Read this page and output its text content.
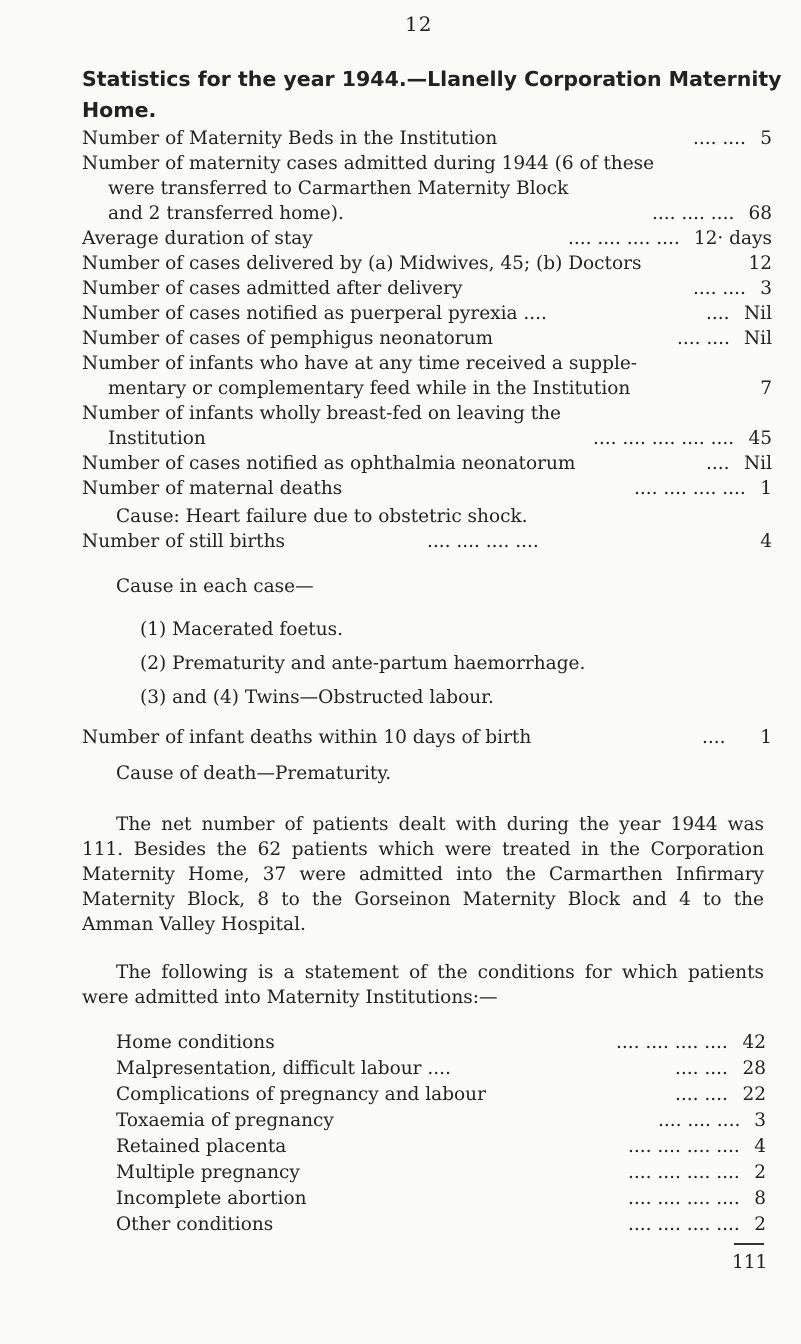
12
Statistics for the year 1944.—Llanelly Corporation Maternity
Home.
Number of Maternity Beds in the Institution	.... .... 5
Number of maternity cases admitted during 1944 (6 of these
were transferred to Carmarthen Maternity Block
and 2 transferred home).	.... .... .... 68
Average duration of stay	.... .... .... .... 12· days
Number of cases delivered by (a) Midwives, 45; (b) Doctors	12
Number of cases admitted after delivery	.... .... 3
Number of cases notified as puerperal pyrexia ....	.... Nil
Number of cases of pemphigus neonatorum	.... .... Nil
Number of infants who have at any time received a supple-
mentary or complementary feed while in the Institution	7
Number of infants wholly breast-fed on leaving the
Institution	.... .... .... .... .... 45
Number of cases notified as ophthalmia neonatorum	.... Nil
Number of maternal deaths	.... .... .... .... 1
Cause: Heart failure due to obstetric shock.
Number of still births	.... .... .... ....	4
Cause in each case—
(1) Macerated foetus.
(2) Prematurity and ante-partum haemorrhage.
(3) and (4) Twins—Obstructed labour.
Number of infant deaths within 10 days of birth	.... 1
Cause of death—Prematurity.
The net number of patients dealt with during the year 1944 was 111. Besides the 62 patients which were treated in the Corporation Maternity Home, 37 were admitted into the Carmarthen Infirmary Maternity Block, 8 to the Gorseinon Maternity Block and 4 to the Amman Valley Hospital.
The following is a statement of the conditions for which patients were admitted into Maternity Institutions:—
Home conditions	.... .... .... .... 42
Malpresentation, difficult labour ....	.... .... 28
Complications of pregnancy and labour	.... .... 22
Toxaemia of pregnancy	.... .... .... 3
Retained placenta	.... .... .... .... 4
Multiple pregnancy	.... .... .... .... 2
Incomplete abortion	.... .... .... .... 8
Other conditions	.... .... .... .... 2
111
